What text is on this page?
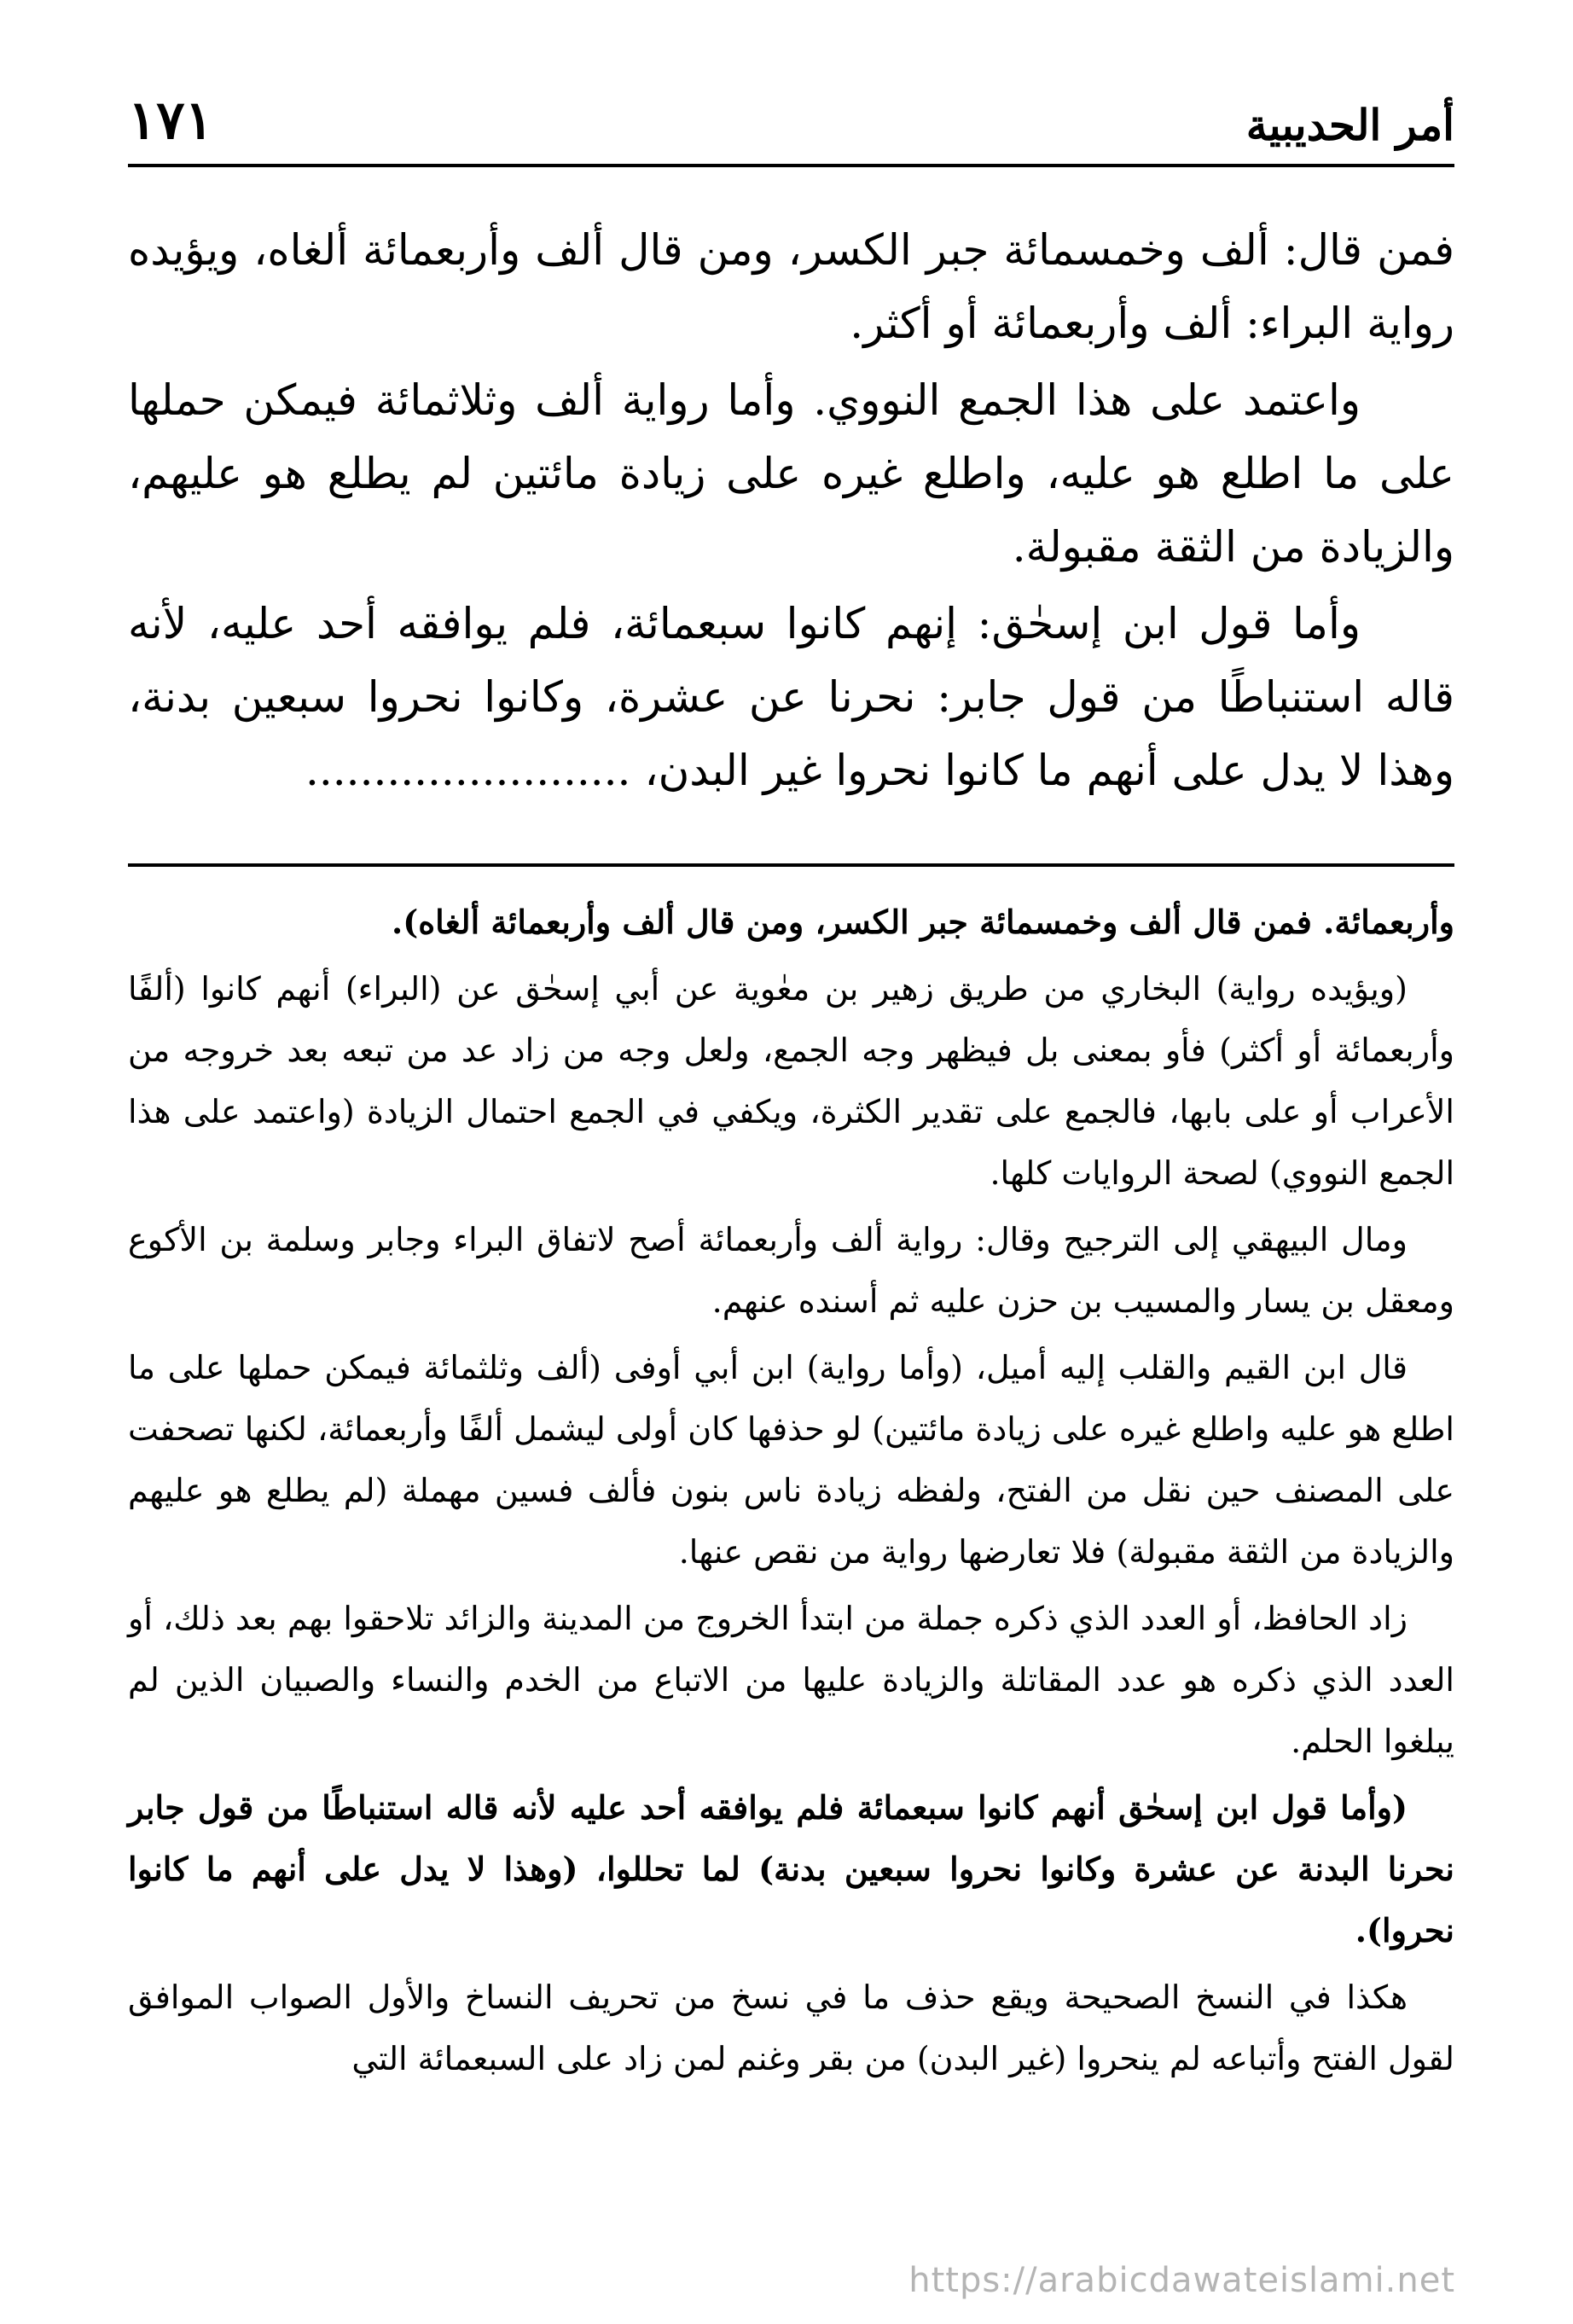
أمر الحديبية
١٧١

فمن قال: ألف وخمسمائة جبر الكسر، ومن قال ألف وأربعمائة ألغاه، ويؤيده رواية البراء: ألف وأربعمائة أو أكثر.

واعتمد على هذا الجمع النووي. وأما رواية ألف وثلاثمائة فيمكن حملها على ما اطلع هو عليه، واطلع غيره على زيادة مائتين لم يطلع هو عليهم، والزيادة من الثقة مقبولة.

وأما قول ابن إسحٰق: إنهم كانوا سبعمائة، فلم يوافقه أحد عليه، لأنه قاله استنباطًا من قول جابر: نحرنا عن عشرة، وكانوا نحروا سبعين بدنة، وهذا لا يدل على أنهم ما كانوا نحروا غير البدن،........................

وأربعمائة. فمن قال ألف وخمسمائة جبر الكسر، ومن قال ألف وأربعمائة ألغاه).

(ويؤيده رواية) البخاري من طريق زهير بن معٰوية عن أبي إسحٰق عن (البراء) أنهم كانوا (ألفًا وأربعمائة أو أكثر) فأو بمعنى بل فيظهر وجه الجمع، ولعل وجه من زاد عد من تبعه بعد خروجه من الأعراب أو على بابها، فالجمع على تقدير الكثرة، ويكفي في الجمع احتمال الزيادة (واعتمد على هذا الجمع النووي) لصحة الروايات كلها.

ومال البيهقي إلى الترجيح وقال: رواية ألف وأربعمائة أصح لاتفاق البراء وجابر وسلمة بن الأكوع ومعقل بن يسار والمسيب بن حزن عليه ثم أسنده عنهم.

قال ابن القيم والقلب إليه أميل، (وأما رواية) ابن أبي أوفى (ألف وثلثمائة فيمكن حملها على ما اطلع هو عليه واطلع غيره على زيادة مائتين) لو حذفها كان أولى ليشمل ألفًا وأربعمائة، لكنها تصحفت على المصنف حين نقل من الفتح، ولفظه زيادة ناس بنون فألف فسين مهملة (لم يطلع هو عليهم والزيادة من الثقة مقبولة) فلا تعارضها رواية من نقص عنها.

زاد الحافظ، أو العدد الذي ذكره جملة من ابتدأ الخروج من المدينة والزائد تلاحقوا بهم بعد ذلك، أو العدد الذي ذكره هو عدد المقاتلة والزيادة عليها من الاتباع من الخدم والنساء والصبيان الذين لم يبلغوا الحلم.

(وأما قول ابن إسحٰق أنهم كانوا سبعمائة فلم يوافقه أحد عليه لأنه قاله استنباطًا من قول جابر نحرنا البدنة عن عشرة وكانوا نحروا سبعين بدنة) لما تحللوا، (وهذا لا يدل على أنهم ما كانوا نحروا).

هكذا في النسخ الصحيحة ويقع حذف ما في نسخ من تحريف النساخ والأول الصواب الموافق لقول الفتح وأتباعه لم ينحروا (غير البدن) من بقر وغنم لمن زاد على السبعمائة التي

https://arabicdawateislami.net
